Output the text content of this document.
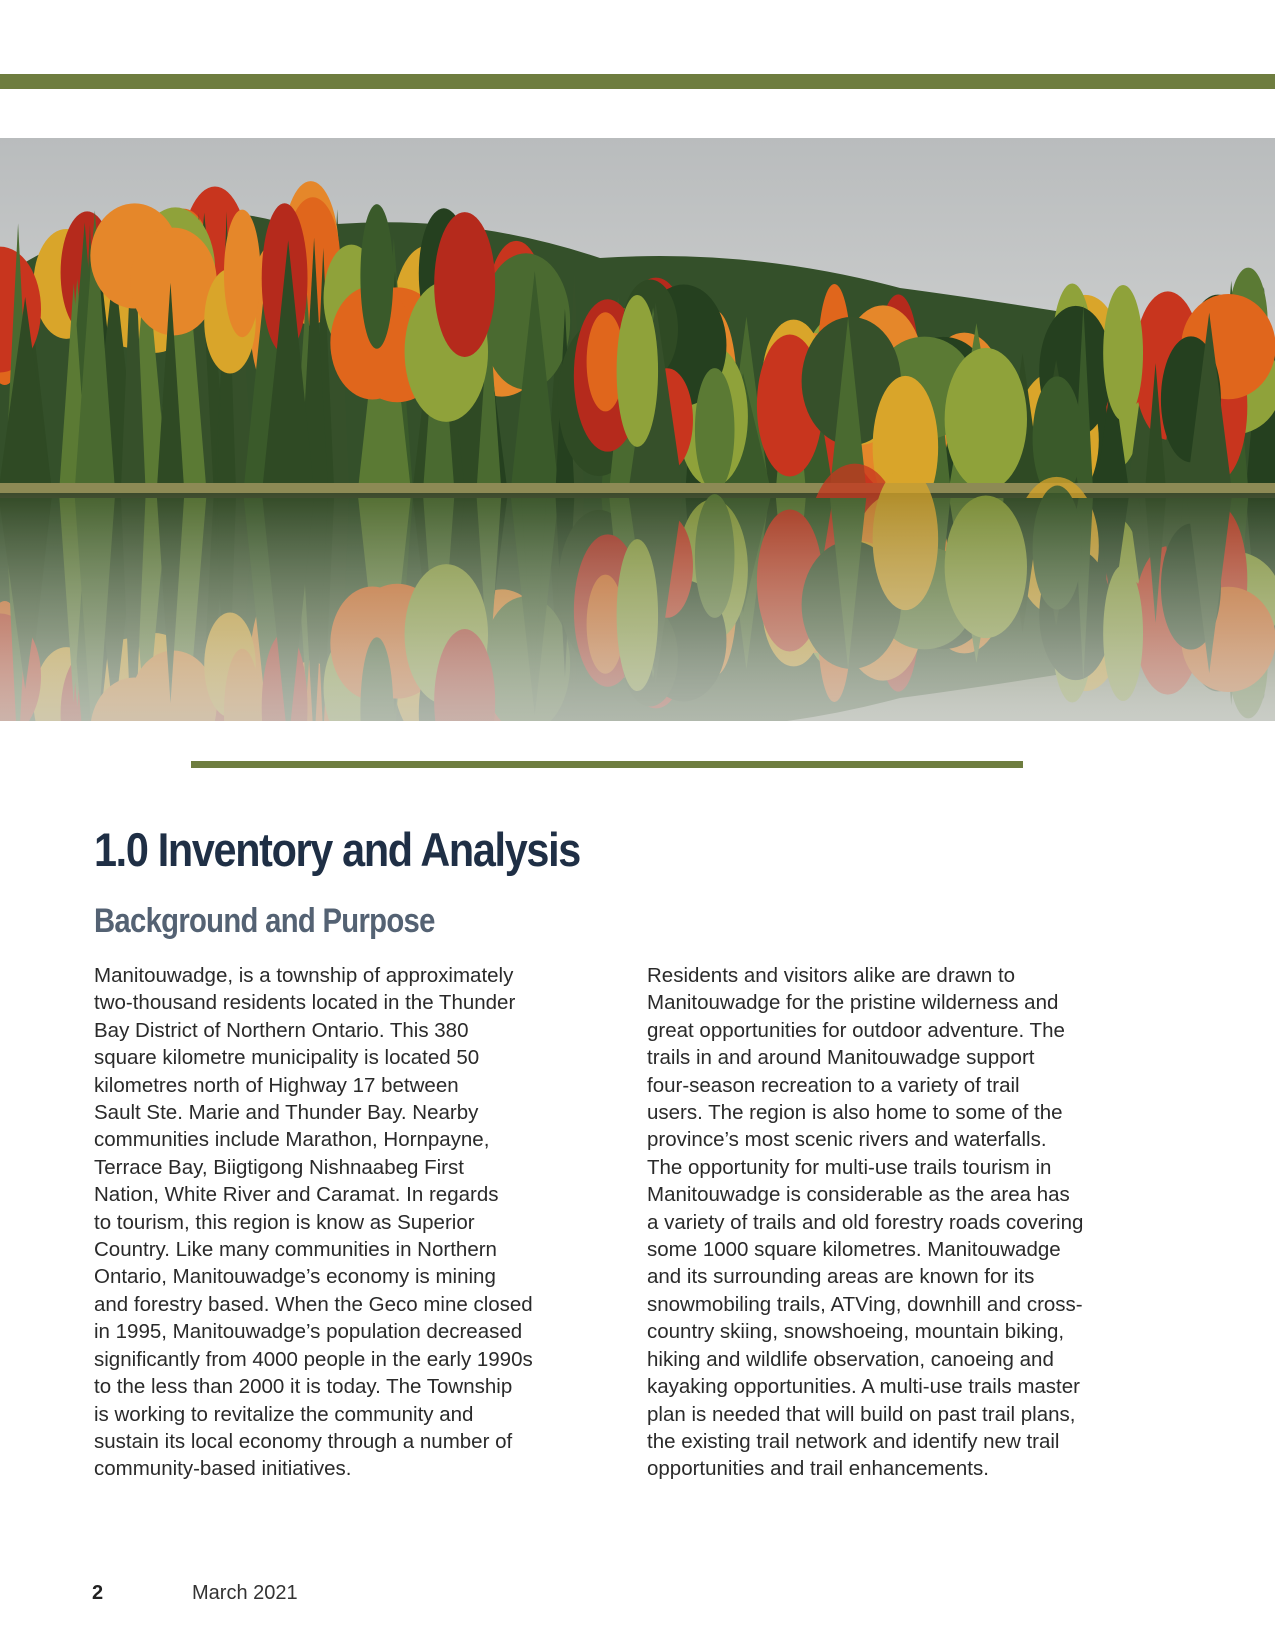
1.0 Inventory and Analysis
Background and Purpose

Manitouwadge, is a township of approximately
two-thousand residents located in the Thunder
Bay District of Northern Ontario. This 380
square kilometre municipality is located 50
kilometres north of Highway 17 between
Sault Ste. Marie and Thunder Bay. Nearby
communities include Marathon, Hornpayne,
Terrace Bay, Biigtigong Nishnaabeg First
Nation, White River and Caramat. In regards
to tourism, this region is know as Superior
Country. Like many communities in Northern
Ontario, Manitouwadge’s economy is mining
and forestry based. When the Geco mine closed
in 1995, Manitouwadge’s population decreased
significantly from 4000 people in the early 1990s
to the less than 2000 it is today. The Township
is working to revitalize the community and
sustain its local economy through a number of
community-based initiatives.

Residents and visitors alike are drawn to
Manitouwadge for the pristine wilderness and
great opportunities for outdoor adventure. The
trails in and around Manitouwadge support
four-season recreation to a variety of trail
users. The region is also home to some of the
province’s most scenic rivers and waterfalls.
The opportunity for multi-use trails tourism in
Manitouwadge is considerable as the area has
a variety of trails and old forestry roads covering
some 1000 square kilometres. Manitouwadge
and its surrounding areas are known for its
snowmobiling trails, ATVing, downhill and cross-
country skiing, snowshoeing, mountain biking,
hiking and wildlife observation, canoeing and
kayaking opportunities. A multi-use trails master
plan is needed that will build on past trail plans,
the existing trail network and identify new trail
opportunities and trail enhancements.

2	March 2021
